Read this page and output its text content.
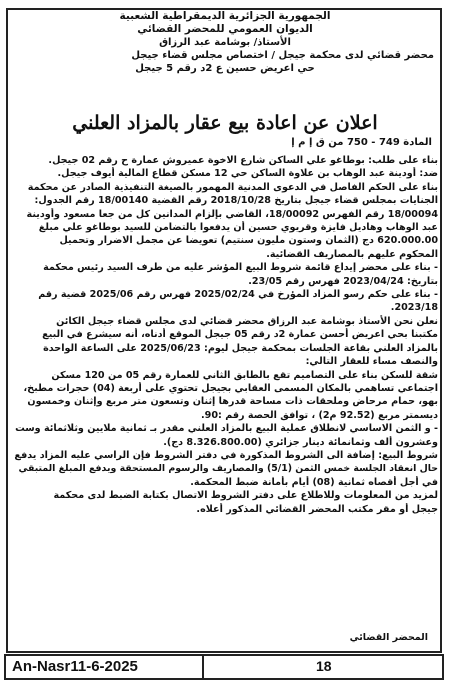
الجمهورية الجزائرية الديمقراطية الشعبية
الديوان العمومي للمحضر القضائي
الأستاذ/ بوشامة عبد الرزاق
محضر قضائي لدى محكمة جيجل / اختصاص مجلس قضاء جيجل
حي اعريض حسين ع 2د رقم 5 جيجل
اعلان عن اعادة بيع عقار بالمزاد العلني
المادة 749 - 750 من ق إ م إ

بناء على طلب: بوطاغو علي الساكن شارع الاخوة عميروش عمارة ح رقم 02 جيجل.

ضد: أودينة عبد الوهاب بن علاوة الساكن حي 12 مسكن قطاع المالية أيوف جيجل.

بناء على الحكم الفاصل في الدعوى المدنية المهمور بالصيغة التنفيذية الصادر عن محكمة

الجنايات بمجلس قضاء جيجل بتاريخ 2018/10/28 رقم القضية 18/00140 رقم الجدول:

18/00094 رقم الفهرس 18/00092، القاضي بإلزام المدانين كل من جعا مسعود وأودينة

عبد الوهاب وهاديل فايزة وقريوي حسين أن يدفعوا بالتضامن للسيد بوطاغو علي مبلغ

620.000.00 دج (الثمان وستون مليون سنتيم) تعويضا عن مجمل الاضرار وتحميل

المحكوم عليهم بالمصاريف القضائية.

- بناء على محضر إيداع قائمة شروط البيع المؤشر عليه من طرف السيد رئيس محكمة

بتاريخ: 2023/04/24 فهرس رقم 23/05.

- بناء على حكم رسو المزاد المؤرخ في 2025/02/24 فهرس رقم 2025/06 قضية رقم

2023/18.

نعلن نحن الأستاذ بوشامة عبد الرزاق محضر قضائي لدى مجلس قضاء جيجل الكائن

مكتبنا بحي اعريض أحسن عمارة 2د رقم 05 جيجل الموقع أدناه، أنه سيشرع في البيع

بالمزاد العلني بقاعة الجلسات بمحكمة جيجل ليوم: 2025/06/23 على الساعة الواحدة

والنصف مساء للعقار التالي:

شقة للسكن بناء على التصاميم تقع بالطابق الثاني للعمارة رقم 05 من 120 مسكن

اجتماعي تساهمي بالمكان المسمى العقابي بجيجل تحتوي على أربعة (04) حجرات مطبخ،

بهو، حمام مرحاض وملحقات ذات مساحة قدرها إثنان وتسعون متر مربع وإثنان وخمسون

ديسمتر مربع (92.52 م2) ، توافق الحصة رقم :90.

- و الثمن الاساسي لانطلاق عملية البيع بالمزاد العلني مقدر بـ ثمانية ملايين وثلاثمائة وست

وعشرون ألف وثمانمائة دينار جزائري (8.326.800.00 دج).

شروط البيع: إضافة الى الشروط المذكورة في دفتر الشروط فإن الراسي عليه المزاد يدفع

حال انعقاد الجلسة خمس الثمن (5/1) والمصاريف والرسوم المستحقة ويدفع المبلغ المتبقي

في أجل أقصاه ثمانية (08) أيام بأمانة ضبط المحكمة.

لمزيد من المعلومات وللاطلاع على دفتر الشروط الاتصال بكتابة الضبط لدى محكمة

جيجل أو مقر مكتب المحضر القضائي المذكور أعلاه.

المحضر القضائي
An-Nasr11-6-2025	18
